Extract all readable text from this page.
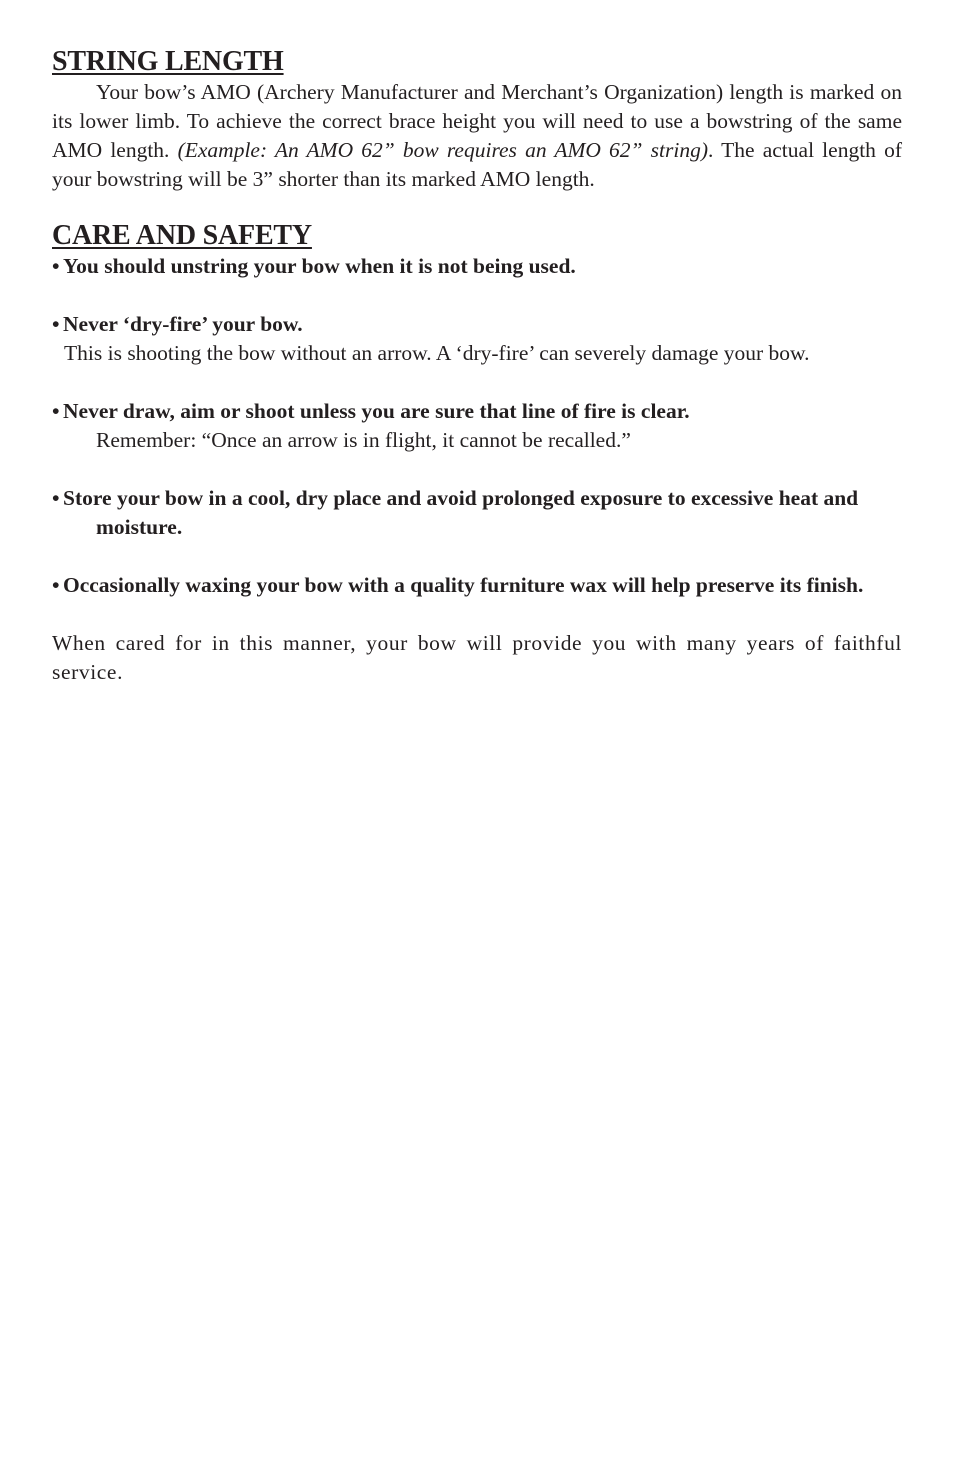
STRING LENGTH

Your bow’s AMO (Archery Manufacturer and Merchant’s Organization) length is marked on its lower limb. To achieve the correct brace height you will need to use a bowstring of the same AMO length. (Example: An AMO 62” bow requires an AMO 62” string). The actual length of your bowstring will be 3” shorter than its marked AMO length.

CARE AND SAFETY

• You should unstring your bow when it is not being used.

• Never ‘dry-fire’ your bow.

This is shooting the bow without an arrow. A ‘dry-fire’ can severely damage your bow.

• Never draw, aim or shoot unless you are sure that line of fire is clear.

Remember: “Once an arrow is in flight, it cannot be recalled.”

• Store your bow in a cool, dry place and avoid prolonged exposure to excessive heat and moisture.

• Occasionally waxing your bow with a quality furniture wax will help preserve its finish.

When cared for in this manner, your bow will provide you with many years of faithful service.
